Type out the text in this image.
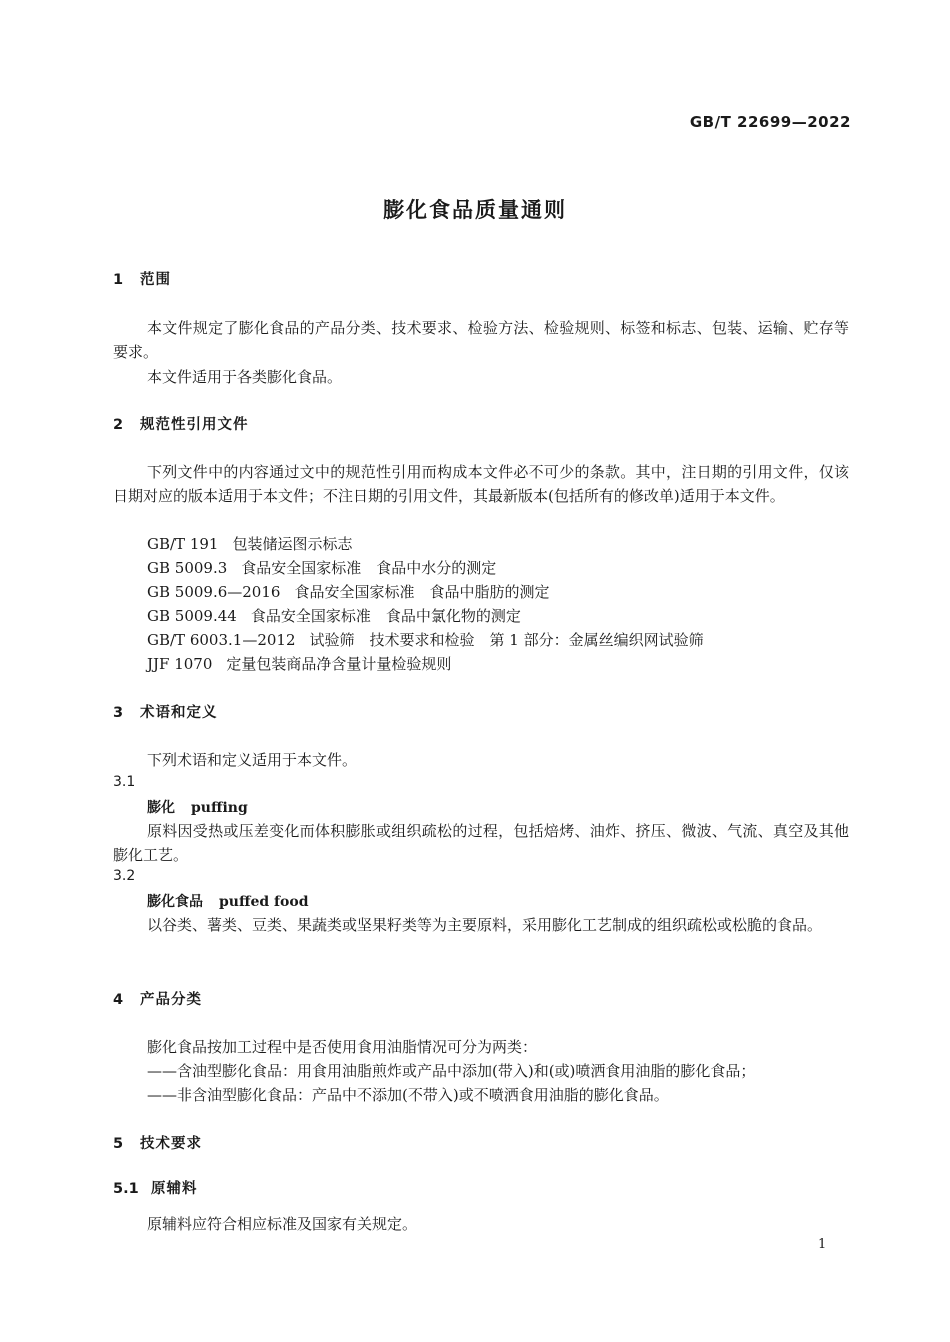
GB/T 22699—2022
膨化食品质量通则
1 范围
本文件规定了膨化食品的产品分类、技术要求、检验方法、检验规则、标签和标志、包装、运输、贮存等要求。
本文件适用于各类膨化食品。
2 规范性引用文件
下列文件中的内容通过文中的规范性引用而构成本文件必不可少的条款。其中，注日期的引用文件，仅该日期对应的版本适用于本文件；不注日期的引用文件，其最新版本(包括所有的修改单)适用于本文件。
GB/T 191 包装储运图示标志
GB 5009.3 食品安全国家标准　食品中水分的测定
GB 5009.6—2016 食品安全国家标准　食品中脂肪的测定
GB 5009.44 食品安全国家标准　食品中氯化物的测定
GB/T 6003.1—2012 试验筛　技术要求和检验　第 1 部分：金属丝编织网试验筛
JJF 1070 定量包装商品净含量计量检验规则
3 术语和定义
下列术语和定义适用于本文件。
3.1
膨化 puffing
原料因受热或压差变化而体积膨胀或组织疏松的过程，包括焙烤、油炸、挤压、微波、气流、真空及其他膨化工艺。
3.2
膨化食品 puffed food
以谷类、薯类、豆类、果蔬类或坚果籽类等为主要原料，采用膨化工艺制成的组织疏松或松脆的食品。
4 产品分类
膨化食品按加工过程中是否使用食用油脂情况可分为两类：
——含油型膨化食品：用食用油脂煎炸或产品中添加(带入)和(或)喷洒食用油脂的膨化食品；
——非含油型膨化食品：产品中不添加(不带入)或不喷洒食用油脂的膨化食品。
5 技术要求
5.1 原辅料
原辅料应符合相应标准及国家有关规定。
1
